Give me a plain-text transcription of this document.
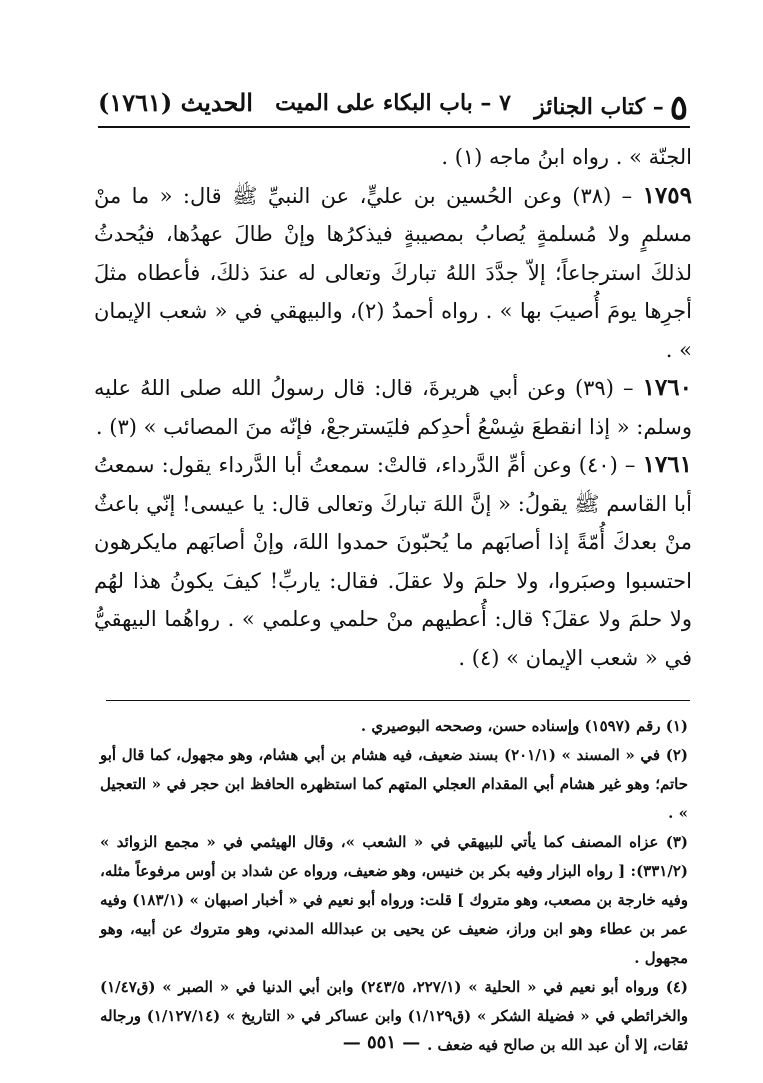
٥– كتاب الجنائز
٧ – باب البكاء على الميت
الحديث (١٧٦١)

الجنّة » . رواه ابنُ ماجه (١) .

١٧٥٩ – (٣٨) وعن الحُسين بن عليٍّ، عن النبيِّ ﷺ قال: « ما منْ مسلمٍ ولا مُسلمةٍ يُصابُ بمصيبةٍ فيذكرُها وإنْ طالَ عهدُها، فيُحدثُ لذلكَ استرجاعاً؛ إلاّ جدَّدَ اللهُ تباركَ وتعالى له عندَ ذلكَ، فأعطاه مثلَ أجرِها يومَ أُصيبَ بها » . رواه أحمدُ (٢)، والبيهقي في « شعب الإيمان » .

١٧٦٠ – (٣٩) وعن أبي هريرةَ، قال: قال رسولُ الله صلى اللهُ عليه وسلم: « إذا انقطعَ شِسْعُ أحدِكم فليَسترجعْ، فإنّه منَ المصائب » (٣) .

١٧٦١ – (٤٠) وعن أمِّ الدَّرداء، قالتْ: سمعتُ أبا الدَّرداء يقول: سمعتُ أبا القاسم ﷺ يقولُ: « إنَّ اللهَ تباركَ وتعالى قال: يا عيسى! إنّي باعثٌ منْ بعدكَ أُمّةً إذا أصابَهم ما يُحبّونَ حمدوا اللهَ، وإنْ أصابَهم مايكرهون احتسبوا وصبَروا، ولا حلمَ ولا عقلَ. فقال: ياربِّ! كيفَ يكونُ هذا لهُم ولا حلمَ ولا عقلَ؟ قال: أُعطيهم منْ حلمي وعلمي » . رواهُما البيهقيُّ في « شعب الإيمان » (٤) .

(١) رقم (١٥٩٧) وإسناده حسن، وصححه البوصيري .

(٢) في « المسند » (٢٠١/١) بسند ضعيف، فيه هشام بن أبي هشام، وهو مجهول، كما قال أبو حاتم؛ وهو غير هشام أبي المقدام العجلي المتهم كما استظهره الحافظ ابن حجر في « التعجيل » .

(٣) عزاه المصنف كما يأتي للبيهقي في « الشعب »، وقال الهيثمي في « مجمع الزوائد » (٣٣١/٢): [ رواه البزار وفيه بكر بن خنيس، وهو ضعيف، ورواه عن شداد بن أوس مرفوعاً مثله، وفيه خارجة بن مصعب، وهو متروك ] قلت: ورواه أبو نعيم في « أخبار اصبهان » (١٨٣/١) وفيه عمر بن عطاء وهو ابن وراز، ضعيف عن يحيى بن عبدالله المدني، وهو متروك عن أبيه، وهو مجهول .

(٤) ورواه أبو نعيم في « الحلية » (٢٢٧/١، ٢٤٣/٥) وابن أبي الدنيا في « الصبر » (ق١/٤٧) والخرائطي في « فضيلة الشكر » (ق١/١٢٩) وابن عساكر في « التاريخ » (١/١٢٧/١٤) ورجاله ثقات، إلا أن عبد الله بن صالح فيه ضعف .

— ٥٥١ —
